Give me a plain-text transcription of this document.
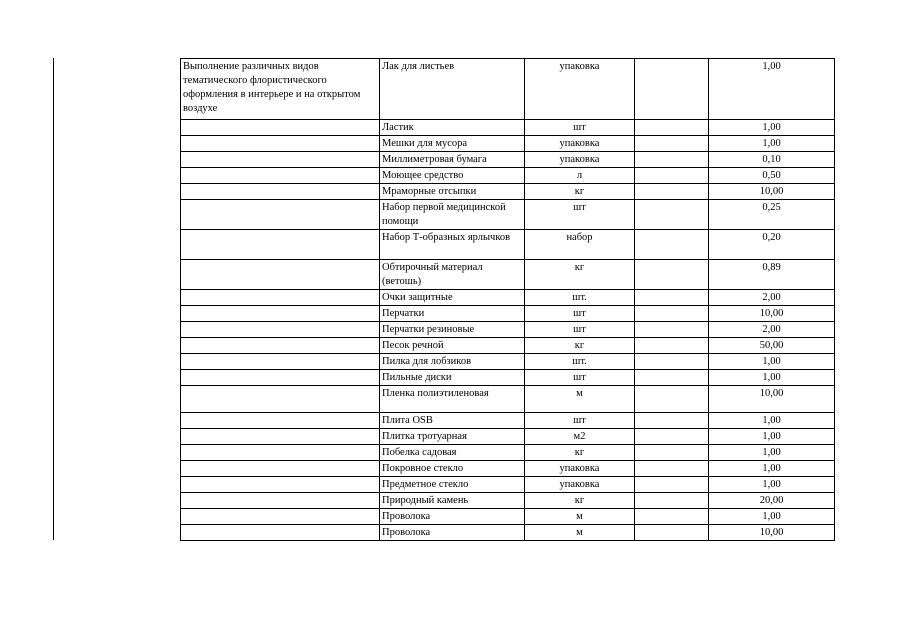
Выполнение различных видов тематического флористического оформления в интерьере и на открытом воздухе	Лак для листьев	упаковка		1,00
	Ластик	шт		1,00
	Мешки для мусора	упаковка		1,00
	Миллиметровая бумага	упаковка		0,10
	Моющее средство	л		0,50
	Мраморные отсыпки	кг		10,00
	Набор первой медицинской помощи	шт		0,25
	Набор Т-образных ярлычков	набор		0,20
	Обтирочный материал (ветошь)	кг		0,89
	Очки защитные	шт.		2,00
	Перчатки	шт		10,00
	Перчатки резиновые	шт		2,00
	Песок речной	кг		50,00
	Пилка для лобзиков	шт.		1,00
	Пильные диски	шт		1,00
	Пленка полиэтиленовая	м		10,00
	Плита OSB	шт		1,00
	Плитка тротуарная	м2		1,00
	Побелка садовая	кг		1,00
	Покровное стекло	упаковка		1,00
	Предметное стекло	упаковка		1,00
	Природный камень	кг		20,00
	Проволока	м		1,00
	Проволока	м		10,00
